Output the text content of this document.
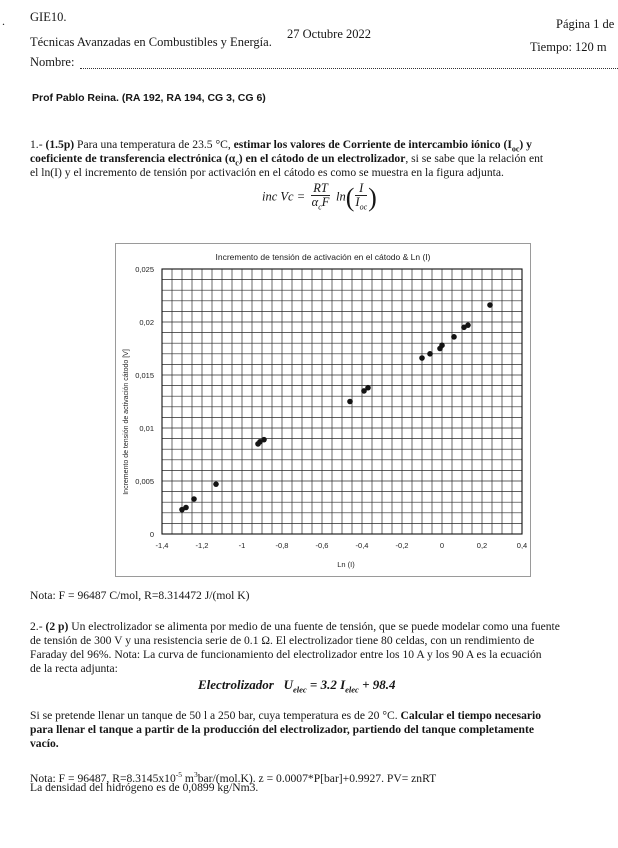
. GIE10.
27 Octubre 2022
Página 1 de
Técnicas Avanzadas en Combustibles y Energía.	Tiempo: 120 m
Nombre:
Prof Pablo Reina. (RA 192, RA 194, CG 3, CG 6)
1.- (1.5p) Para una temperatura de 23.5 °C, estimar los valores de Corriente de intercambio iónico $(I_{oc})$ y
coeficiente de transferencia electrónica $(\alpha_c)$ en el cátodo de un electrolizador, si se sabe que la relación ent
el ln(I) y el incremento de tensión por activación en el cátodo es como se muestra en la figura adjunta.
inc $Vc = \frac{RT}{\alpha_cF} \ln( \frac{I}{I_{oc}}$ )
Incremento de tensión de activación en el cátodo & Ln (I)
-1,4	-1,2	-1	-0,8	-0,6	-0,4	-0,2	0	0,2	0,4
0
0,005
0,01
0,015
0,02
0,025
Ln (I)
Incremento de tensión de activación cátodo [V]
Nota: F = 96487 C/mol, R=8.314472 J/(mol K)
2.- (2 p) Un electrolizador se alimenta por medio de una fuente de tensión, que se puede modelar como una fuente
de tensión de 300 V y una resistencia serie de 0.1 Ω. El electrolizador tiene 80 celdas, con un rendimiento de
Faraday del 96%. Nota: La curva de funcionamiento del electrolizador entre los 10 A y los 90 A es la ecuación
de la recta adjunta:
Electrolizador $U_{elec} = 3.2$ $I_{elec} + 98.4$
Si se pretende llenar un tanque de 50 l a 250 bar, cuya temperatura es de 20 °C. Calcular el tiempo necesario
para llenar el tanque a partir de la producción del electrolizador, partiendo del tanque completamente
vacío.
Nota: F = 96487, $R=8.3145x10^{-5}$ $m^3bar/(mol.K)$. z = 0.0007*P[bar]+0.9927. PV= znRT
La densidad del hidrógeno es de 0,0899 kg/Nm3.
